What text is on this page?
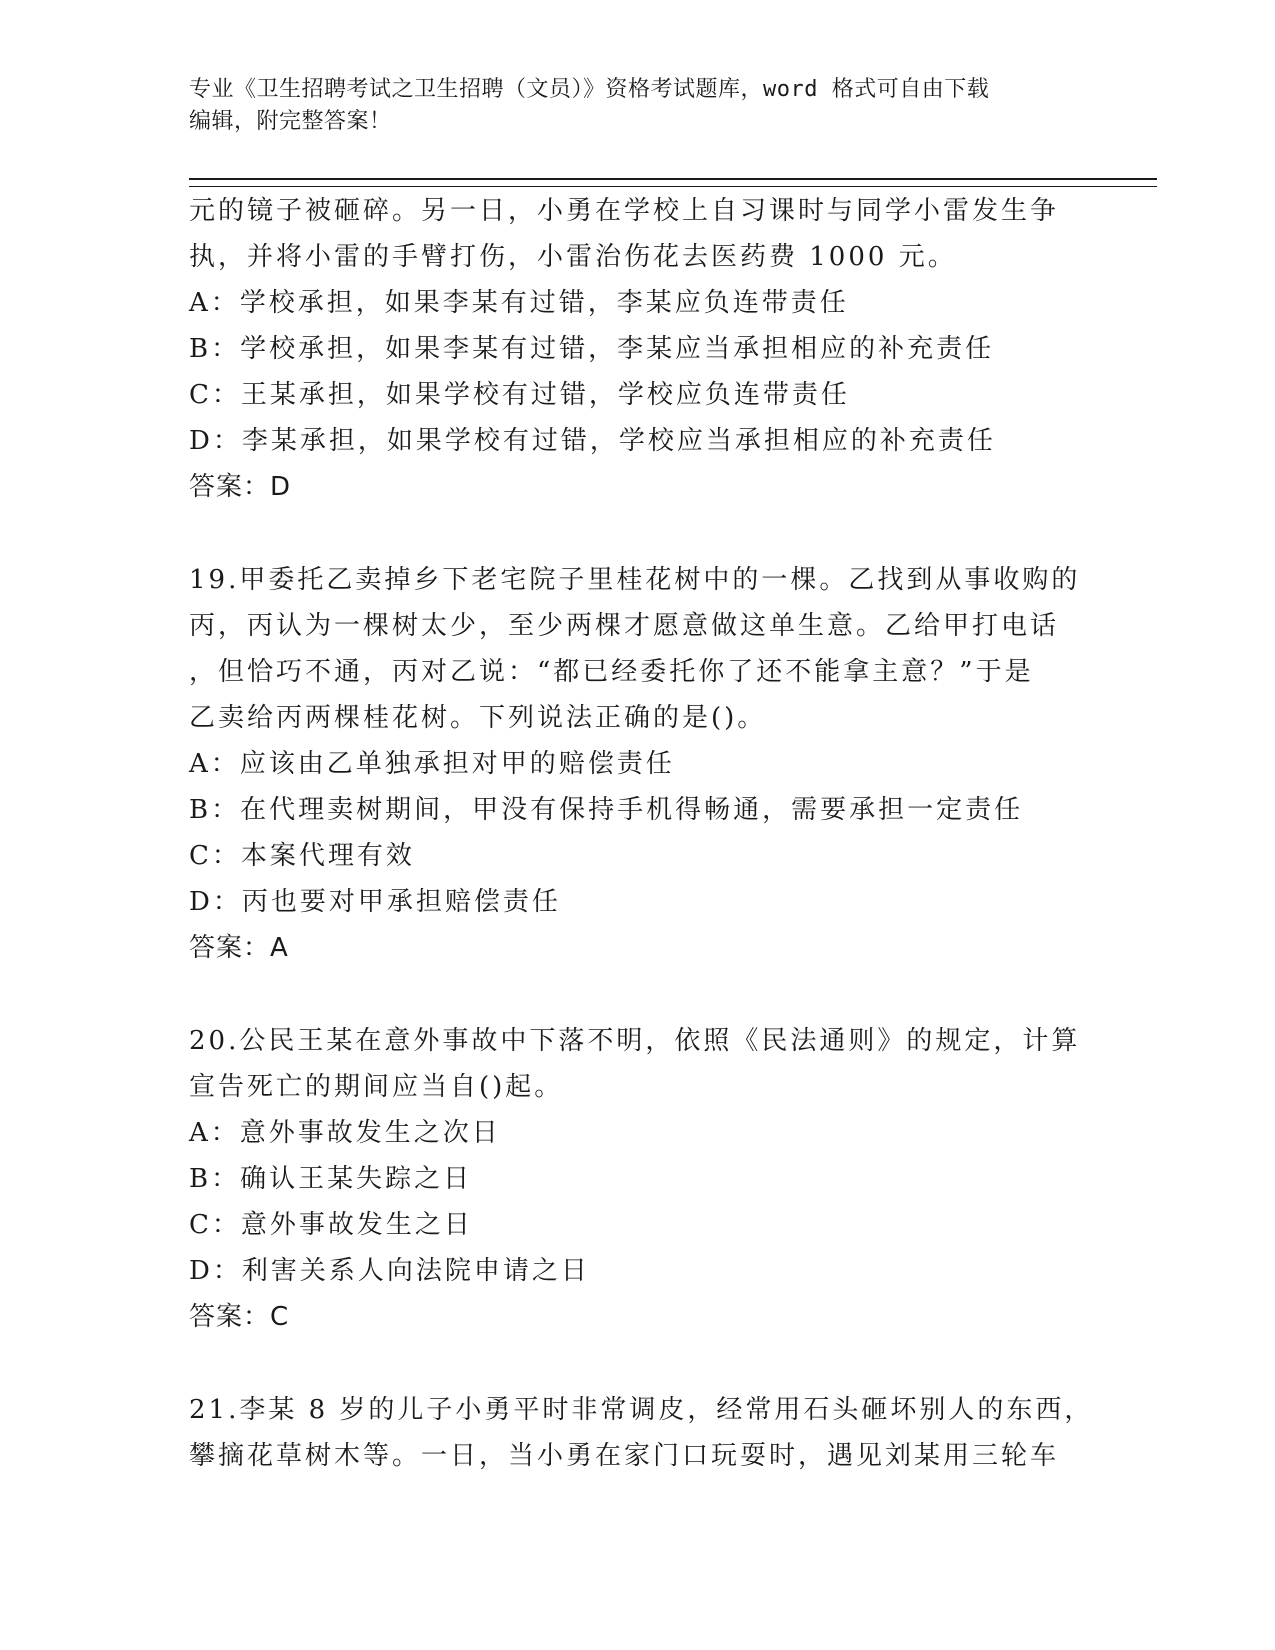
专业《卫生招聘考试之卫生招聘（文员）》资格考试题库，word 格式可自由下载
编辑，附完整答案！
元的镜子被砸碎。另一日，小勇在学校上自习课时与同学小雷发生争
执，并将小雷的手臂打伤，小雷治伤花去医药费 1000 元。
A：学校承担，如果李某有过错，李某应负连带责任
B：学校承担，如果李某有过错，李某应当承担相应的补充责任
C：王某承担，如果学校有过错，学校应负连带责任
D：李某承担，如果学校有过错，学校应当承担相应的补充责任
答案：D
19.甲委托乙卖掉乡下老宅院子里桂花树中的一棵。乙找到从事收购的
丙，丙认为一棵树太少，至少两棵才愿意做这单生意。乙给甲打电话
，但恰巧不通，丙对乙说：“都已经委托你了还不能拿主意？”于是
乙卖给丙两棵桂花树。下列说法正确的是()。
A：应该由乙单独承担对甲的赔偿责任
B：在代理卖树期间，甲没有保持手机得畅通，需要承担一定责任
C：本案代理有效
D：丙也要对甲承担赔偿责任
答案：A
20.公民王某在意外事故中下落不明，依照《民法通则》的规定，计算
宣告死亡的期间应当自()起。
A：意外事故发生之次日
B：确认王某失踪之日
C：意外事故发生之日
D：利害关系人向法院申请之日
答案：C
21.李某 8 岁的儿子小勇平时非常调皮，经常用石头砸坏别人的东西，
攀摘花草树木等。一日，当小勇在家门口玩耍时，遇见刘某用三轮车
